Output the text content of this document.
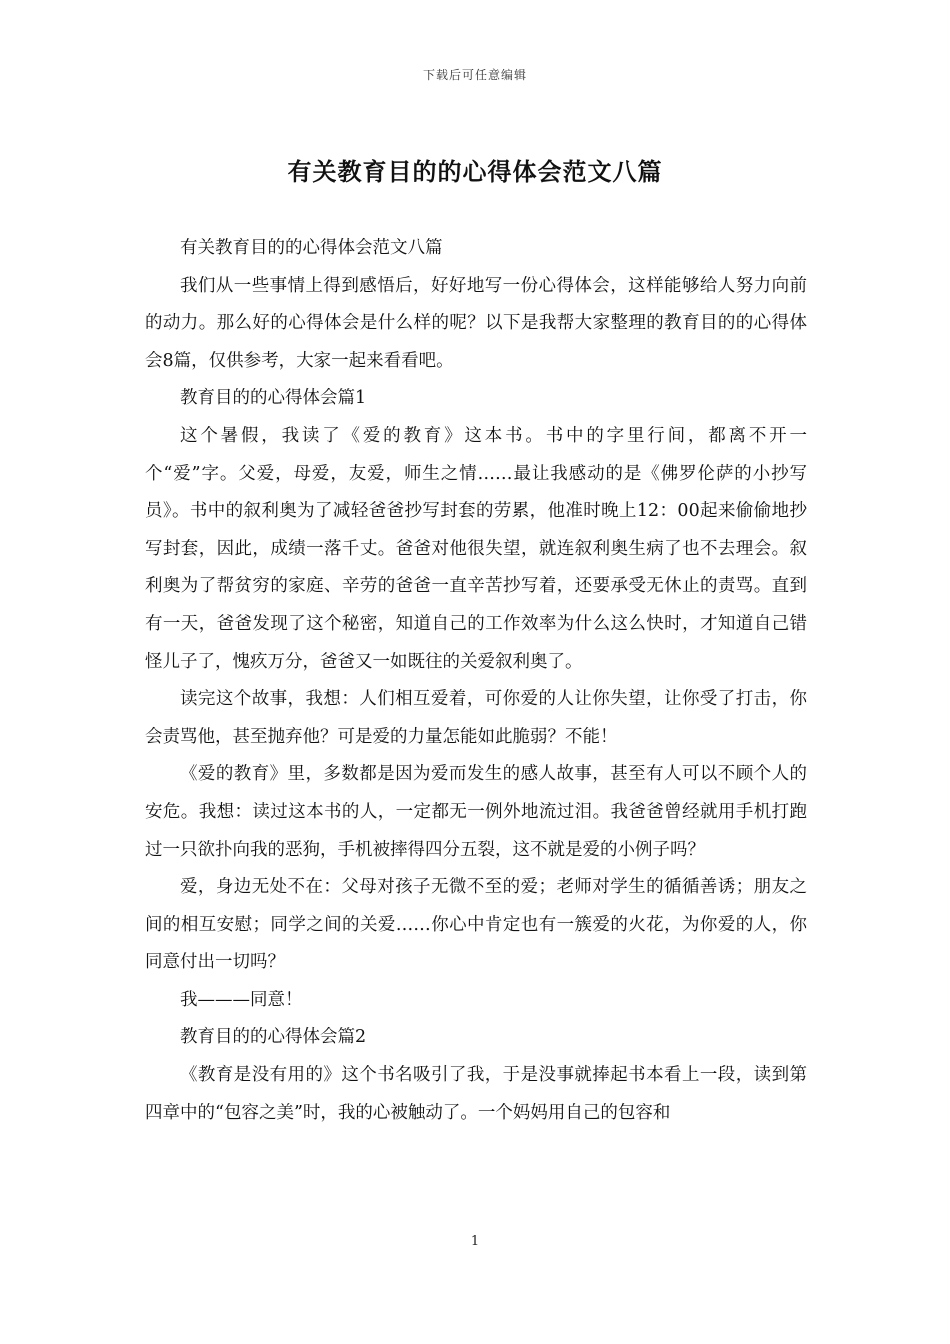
下载后可任意编辑
有关教育目的的心得体会范文八篇

有关教育目的的心得体会范文八篇

我们从一些事情上得到感悟后，好好地写一份心得体会，这样能够给人努力向前的动力。那么好的心得体会是什么样的呢？以下是我帮大家整理的教育目的的心得体会8篇，仅供参考，大家一起来看看吧。

教育目的的心得体会篇1

这个暑假，我读了《爱的教育》这本书。书中的字里行间，都离不开一个“爱”字。父爱，母爱，友爱，师生之情……最让我感动的是《佛罗伦萨的小抄写员》。书中的叙利奥为了减轻爸爸抄写封套的劳累，他准时晚上12：00起来偷偷地抄写封套，因此，成绩一落千丈。爸爸对他很失望，就连叙利奥生病了也不去理会。叙利奥为了帮贫穷的家庭、辛劳的爸爸一直辛苦抄写着，还要承受无休止的责骂。直到有一天，爸爸发现了这个秘密，知道自己的工作效率为什么这么快时，才知道自己错怪儿子了，愧疚万分，爸爸又一如既往的关爱叙利奥了。

读完这个故事，我想：人们相互爱着，可你爱的人让你失望，让你受了打击，你会责骂他，甚至抛弃他？可是爱的力量怎能如此脆弱？不能！

《爱的教育》里，多数都是因为爱而发生的感人故事，甚至有人可以不顾个人的安危。我想：读过这本书的人，一定都无一例外地流过泪。我爸爸曾经就用手机打跑过一只欲扑向我的恶狗，手机被摔得四分五裂，这不就是爱的小例子吗？

爱，身边无处不在：父母对孩子无微不至的爱；老师对学生的循循善诱；朋友之间的相互安慰；同学之间的关爱……你心中肯定也有一簇爱的火花，为你爱的人，你同意付出一切吗？

我———同意！

教育目的的心得体会篇2

《教育是没有用的》这个书名吸引了我，于是没事就捧起书本看上一段，读到第四章中的“包容之美”时，我的心被触动了。一个妈妈用自己的包容和

1
